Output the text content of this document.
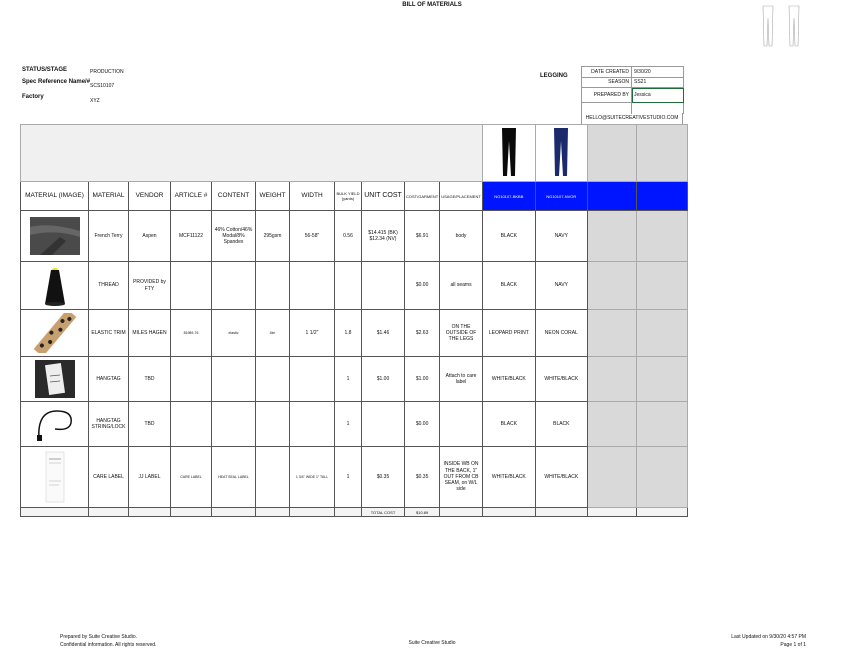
BILL OF MATERIALS
STATUS/STAGE	PRODUCTION
Spec Reference Name/#
SCS10107
Factory
XYZ
LEGGING
DATE CREATED	9/30/20
SEASON	SS21
PREPARED BY	Jessica

HELLO@SUITECREATIVESTUDIO.COM

MATERIAL (IMAGE)	MATERIAL	VENDOR	ARTICLE #	CONTENT	WEIGHT	WIDTH	BULK YIELD (yards)	UNIT COST	COST/GARMENT	USAGE/PLACEMENT	NG10107-BKBB	NG10107-NVOR		

	French Terry	Aspen	MCF11122	46% Cotton/46% Modal/8% Spandex	295gsm	56-58"	0.56	$14.415 (BK) $12.34 (NV)	$6.91	body	BLACK	NAVY		

	THREAD	PROVIDED by FTY							$0.00	all seams	BLACK	NAVY		

	ELASTIC TRIM	MILES HAGEN	81989-76	elastic	4lm	1 1/2"	1.8	$1.46	$2.63	ON THE OUTSIDE OF THE LEGS	LEOPARD PRINT	NEON CORAL		

	HANGTAG	TBD					1	$1.00	$1.00	Attach to care label	WHITE/BLACK	WHITE/BLACK		

	HANGTAG STRING/LOCK	TBD					1		$0.00		BLACK	BLACK		

	CARE LABEL	JJ LABEL	CARE LABEL	HEAT SEAL LABEL		1 3/4" WIDE 1" TALL	1	$0.35	$0.35	INSIDE WB ON THE BACK, 1" OUT FROM CB SEAM, on W/L side	WHITE/BLACK	WHITE/BLACK		
								TOTAL COST	$10.89					
Prepared by Suite Creative Studio.
Confidential information. All rights reserved.	Suite Creative Studio
Last Updated on 9/30/20 4:57 PM
Page 1 of 1
